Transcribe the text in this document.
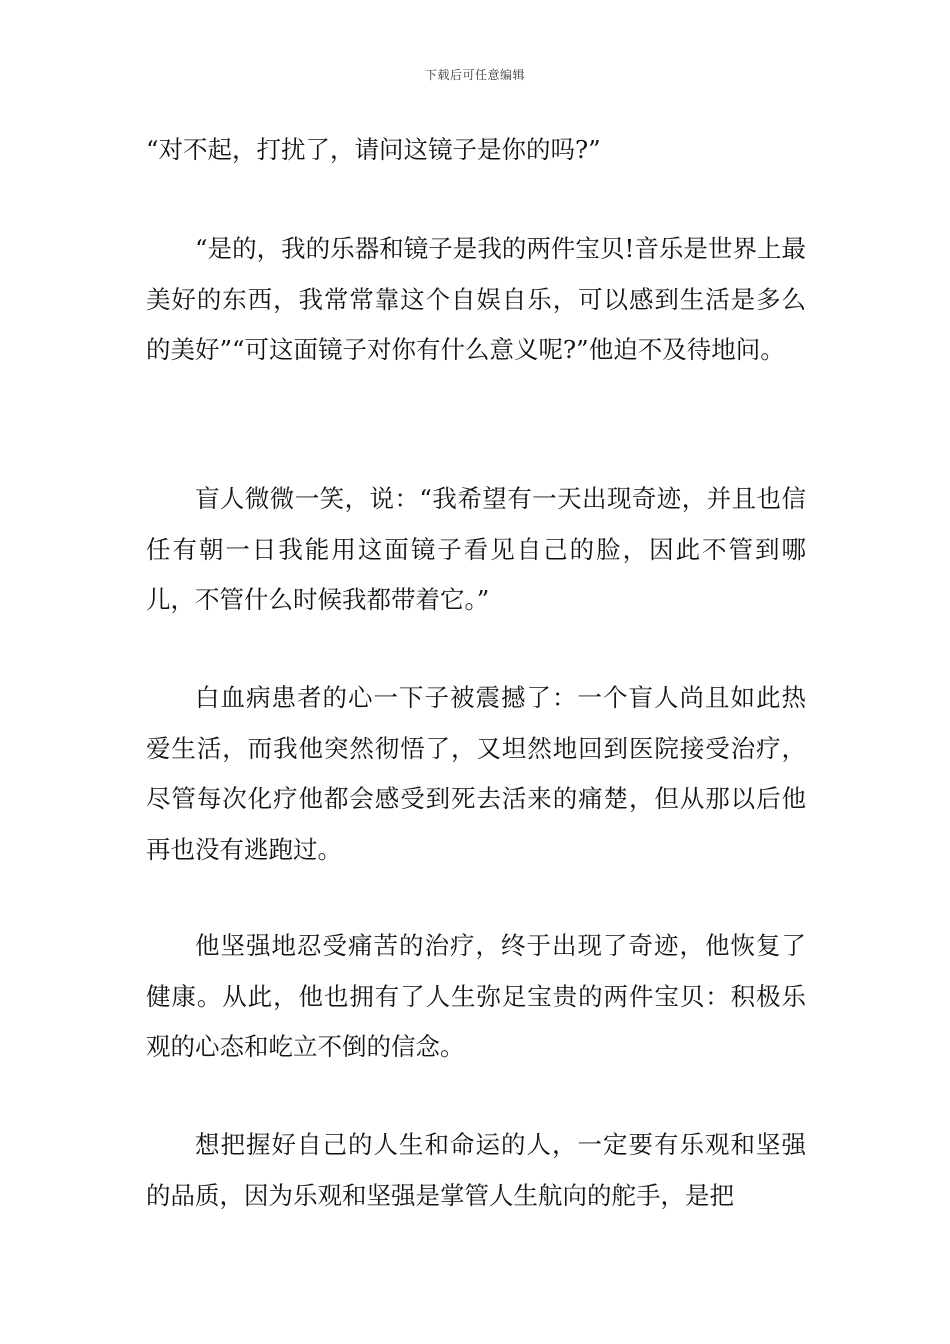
下载后可任意编辑

“对不起，打扰了，请问这镜子是你的吗?”

“是的，我的乐器和镜子是我的两件宝贝!音乐是世界上最美好的东西，我常常靠这个自娱自乐，可以感到生活是多么的美好”“可这面镜子对你有什么意义呢?”他迫不及待地问。

盲人微微一笑，说：“我希望有一天出现奇迹，并且也信任有朝一日我能用这面镜子看见自己的脸，因此不管到哪儿，不管什么时候我都带着它。”

白血病患者的心一下子被震撼了：一个盲人尚且如此热爱生活，而我他突然彻悟了，又坦然地回到医院接受治疗，尽管每次化疗他都会感受到死去活来的痛楚，但从那以后他再也没有逃跑过。

他坚强地忍受痛苦的治疗，终于出现了奇迹，他恢复了健康。从此，他也拥有了人生弥足宝贵的两件宝贝：积极乐观的心态和屹立不倒的信念。

想把握好自己的人生和命运的人，一定要有乐观和坚强的品质，因为乐观和坚强是掌管人生航向的舵手，是把
